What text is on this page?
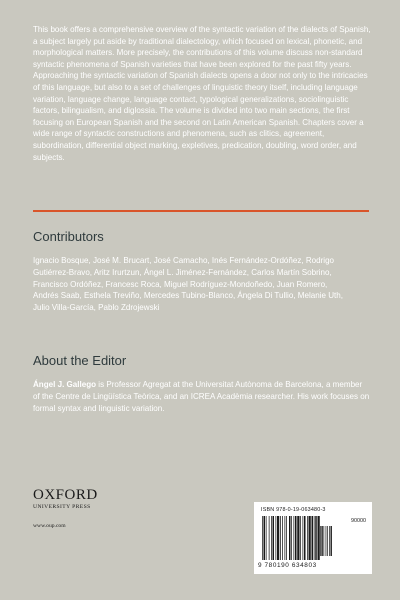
This book offers a comprehensive overview of the syntactic variation of the dialects of Spanish, a subject largely put aside by traditional dialectology, which focused on lexical, phonetic, and morphological matters. More precisely, the contributions of this volume discuss non-standard syntactic phenomena of Spanish varieties that have been explored for the past fifty years. Approaching the syntactic variation of Spanish dialects opens a door not only to the intricacies of this language, but also to a set of challenges of linguistic theory itself, including language variation, language change, language contact, typological generalizations, sociolinguistic factors, bilingualism, and diglossia. The volume is divided into two main sections, the first focusing on European Spanish and the second on Latin American Spanish. Chapters cover a wide range of syntactic constructions and phenomena, such as clitics, agreement, subordination, differential object marking, expletives, predication, doubling, word order, and subjects.

Contributors

Ignacio Bosque, José M. Brucart, José Camacho, Inés Fernández-Ordóñez, Rodrigo Gutiérrez-Bravo, Aritz Irurtzun, Ángel L. Jiménez-Fernández, Carlos Martín Sobrino, Francisco Ordóñez, Francesc Roca, Miguel Rodríguez-Mondoñedo, Juan Romero, Andrés Saab, Esthela Treviño, Mercedes Tubino-Blanco, Ángela Di Tullio, Melanie Uth, Julio Villa-García, Pablo Zdrojewski

About the Editor

Ángel J. Gallego is Professor Agregat at the Universitat Autònoma de Barcelona, a member of the Centre de Lingüística Teòrica, and an ICREA Acadèmia researcher. His work focuses on formal syntax and linguistic variation.

OXFORD
UNIVERSITY PRESS
www.oup.com
ISBN 978-0-19-063480-3
90000
9 780190 634803
